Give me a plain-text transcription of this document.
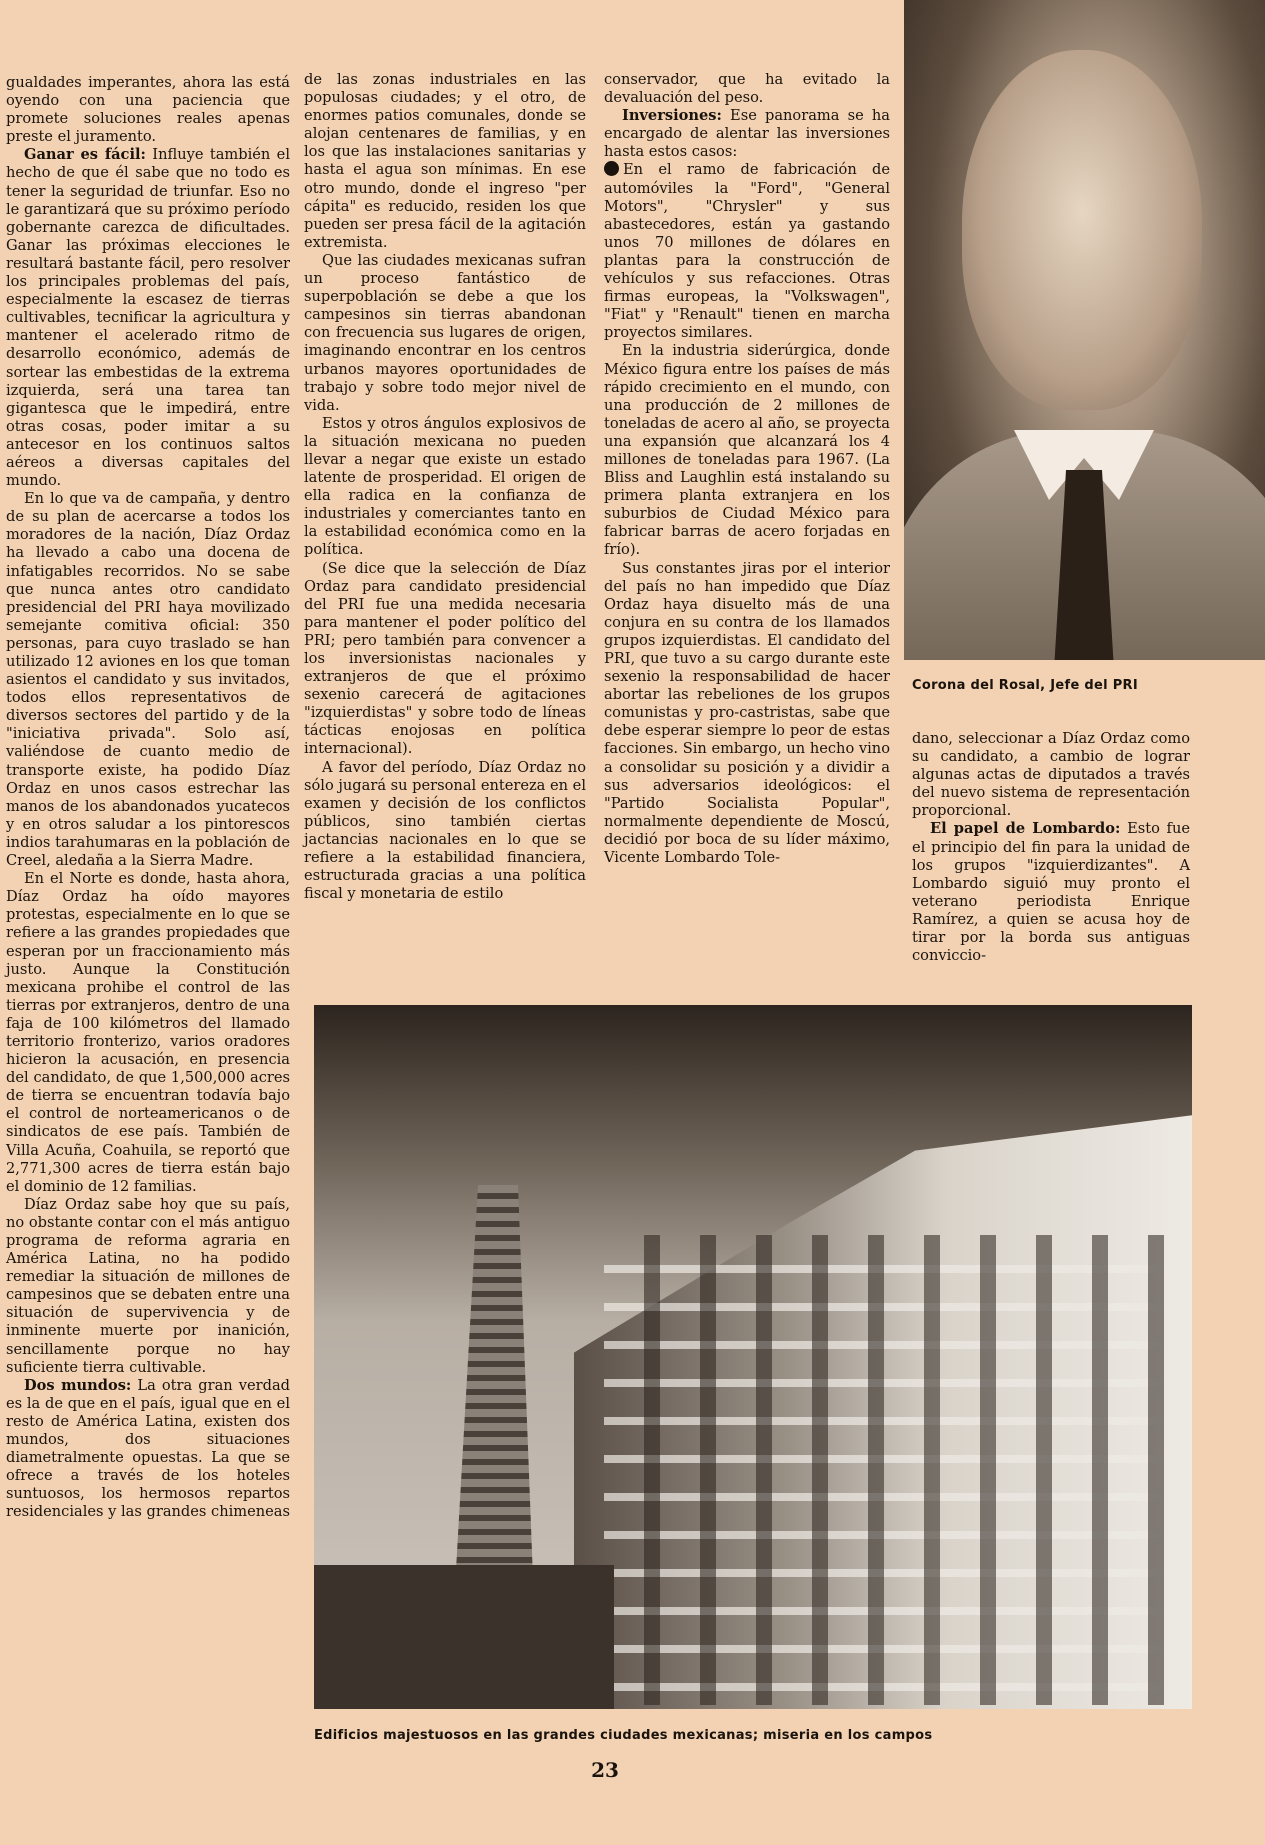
gualdades imperantes, ahora las está oyendo con una paciencia que promete soluciones reales apenas preste el juramento.

Ganar es fácil: Influye también el hecho de que él sabe que no todo es tener la seguridad de triunfar. Eso no le garantizará que su próximo período gobernante carezca de dificultades. Ganar las próximas elecciones le resultará bastante fácil, pero resolver los principales problemas del país, especialmente la escasez de tierras cultivables, tecnificar la agricultura y mantener el acelerado ritmo de desarrollo económico, además de sortear las embestidas de la extrema izquierda, será una tarea tan gigantesca que le impedirá, entre otras cosas, poder imitar a su antecesor en los continuos saltos aéreos a diversas capitales del mundo.

En lo que va de campaña, y dentro de su plan de acercarse a todos los moradores de la nación, Díaz Ordaz ha llevado a cabo una docena de infatigables recorridos. No se sabe que nunca antes otro candidato presidencial del PRI haya movilizado semejante comitiva oficial: 350 personas, para cuyo traslado se han utilizado 12 aviones en los que toman asientos el candidato y sus invitados, todos ellos representativos de diversos sectores del partido y de la "iniciativa privada". Solo así, valiéndose de cuanto medio de transporte existe, ha podido Díaz Ordaz en unos casos estrechar las manos de los abandonados yucatecos y en otros saludar a los pintorescos indios tarahumaras en la población de Creel, aledaña a la Sierra Madre.

En el Norte es donde, hasta ahora, Díaz Ordaz ha oído mayores protestas, especialmente en lo que se refiere a las grandes propiedades que esperan por un fraccionamiento más justo. Aunque la Constitución mexicana prohibe el control de las tierras por extranjeros, dentro de una faja de 100 kilómetros del llamado territorio fronterizo, varios oradores hicieron la acusación, en presencia del candidato, de que 1,500,000 acres de tierra se encuentran todavía bajo el control de norteamericanos o de sindicatos de ese país. También de Villa Acuña, Coahuila, se reportó que 2,771,300 acres de tierra están bajo el dominio de 12 familias.

Díaz Ordaz sabe hoy que su país, no obstante contar con el más antiguo programa de reforma agraria en América Latina, no ha podido remediar la situación de millones de campesinos que se debaten entre una situación de supervivencia y de inminente muerte por inanición, sencillamente porque no hay suficiente tierra cultivable.

Dos mundos: La otra gran verdad es la de que en el país, igual que en el resto de América Latina, existen dos mundos, dos situaciones diametralmente opuestas. La que se ofrece a través de los hoteles suntuosos, los hermosos repartos residenciales y las grandes chimeneas

de las zonas industriales en las populosas ciudades; y el otro, de enormes patios comunales, donde se alojan centenares de familias, y en los que las instalaciones sanitarias y hasta el agua son mínimas. En ese otro mundo, donde el ingreso "per cápita" es reducido, residen los que pueden ser presa fácil de la agitación extremista.

Que las ciudades mexicanas sufran un proceso fantástico de superpoblación se debe a que los campesinos sin tierras abandonan con frecuencia sus lugares de origen, imaginando encontrar en los centros urbanos mayores oportunidades de trabajo y sobre todo mejor nivel de vida.

Estos y otros ángulos explosivos de la situación mexicana no pueden llevar a negar que existe un estado latente de prosperidad. El origen de ella radica en la confianza de industriales y comerciantes tanto en la estabilidad económica como en la política.

(Se dice que la selección de Díaz Ordaz para candidato presidencial del PRI fue una medida necesaria para mantener el poder político del PRI; pero también para convencer a los inversionistas nacionales y extranjeros de que el próximo sexenio carecerá de agitaciones "izquierdistas" y sobre todo de líneas tácticas enojosas en política internacional).

A favor del período, Díaz Ordaz no sólo jugará su personal entereza en el examen y decisión de los conflictos públicos, sino también ciertas jactancias nacionales en lo que se refiere a la estabilidad financiera, estructurada gracias a una política fiscal y monetaria de estilo

conservador, que ha evitado la devaluación del peso.

Inversiones: Ese panorama se ha encargado de alentar las inversiones hasta estos casos:

En el ramo de fabricación de automóviles la "Ford", "General Motors", "Chrysler" y sus abastecedores, están ya gastando unos 70 millones de dólares en plantas para la construcción de vehículos y sus refacciones. Otras firmas europeas, la "Volkswagen", "Fiat" y "Renault" tienen en marcha proyectos similares.

En la industria siderúrgica, donde México figura entre los países de más rápido crecimiento en el mundo, con una producción de 2 millones de toneladas de acero al año, se proyecta una expansión que alcanzará los 4 millones de toneladas para 1967. (La Bliss and Laughlin está instalando su primera planta extranjera en los suburbios de Ciudad México para fabricar barras de acero forjadas en frío).

Sus constantes jiras por el interior del país no han impedido que Díaz Ordaz haya disuelto más de una conjura en su contra de los llamados grupos izquierdistas. El candidato del PRI, que tuvo a su cargo durante este sexenio la responsabilidad de hacer abortar las rebeliones de los grupos comunistas y pro-castristas, sabe que debe esperar siempre lo peor de estas facciones. Sin embargo, un hecho vino a consolidar su posición y a dividir a sus adversarios ideológicos: el "Partido Socialista Popular", normalmente dependiente de Moscú, decidió por boca de su líder máximo, Vicente Lombardo Tole-

dano, seleccionar a Díaz Ordaz como su candidato, a cambio de lograr algunas actas de diputados a través del nuevo sistema de representación proporcional.

El papel de Lombardo: Esto fue el principio del fin para la unidad de los grupos "izquierdizantes". A Lombardo siguió muy pronto el veterano periodista Enrique Ramírez, a quien se acusa hoy de tirar por la borda sus antiguas conviccio-

Corona del Rosal, Jefe del PRI
Edificios majestuosos en las grandes ciudades mexicanas; miseria en los campos
23
